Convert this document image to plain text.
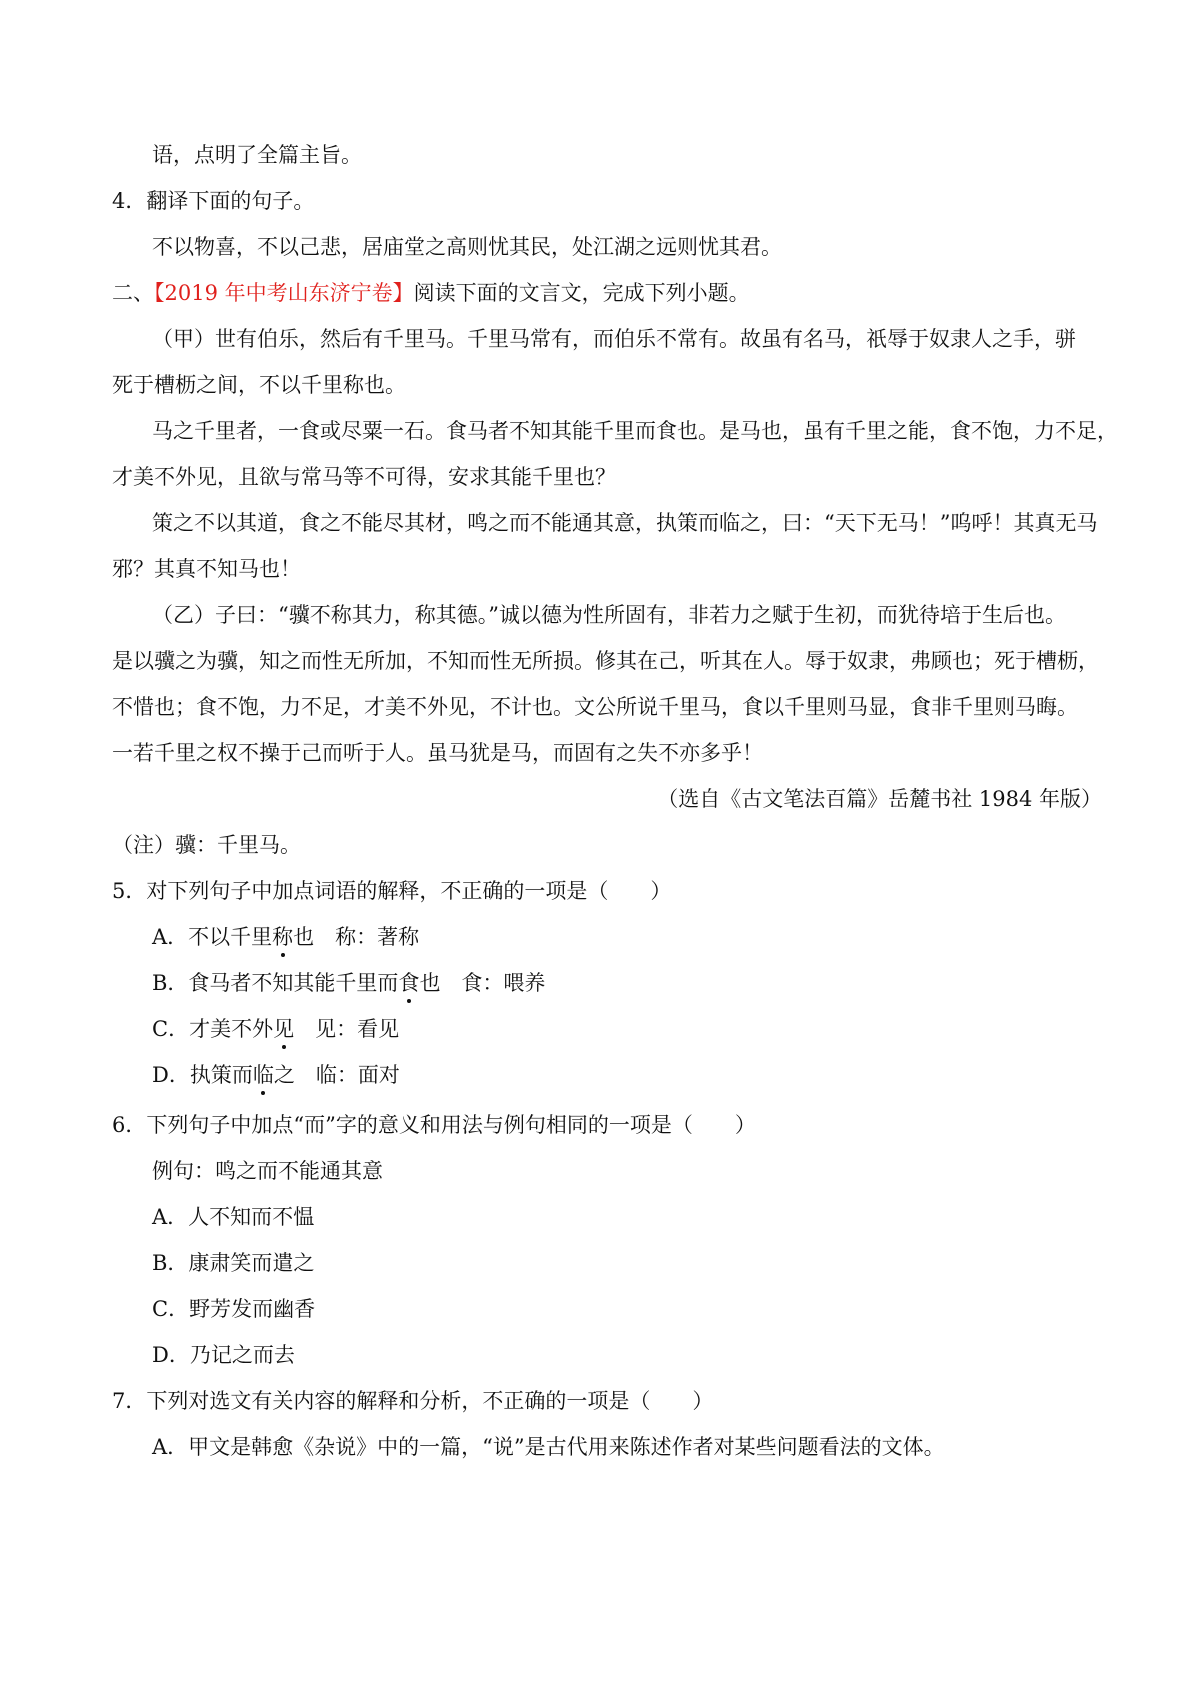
语，点明了全篇主旨。
4．翻译下面的句子。
不以物喜，不以己悲，居庙堂之高则忧其民，处江湖之远则忧其君。
二、【2019 年中考山东济宁卷】阅读下面的文言文，完成下列小题。
（甲）世有伯乐，然后有千里马。千里马常有，而伯乐不常有。故虽有名马，祇辱于奴隶人之手，骈
死于槽枥之间，不以千里称也。
马之千里者，一食或尽粟一石。食马者不知其能千里而食也。是马也，虽有千里之能，食不饱，力不足，
才美不外见，且欲与常马等不可得，安求其能千里也？
策之不以其道，食之不能尽其材，鸣之而不能通其意，执策而临之，曰：“天下无马！”呜呼！其真无马
邪？其真不知马也！
（乙）子曰：“骥不称其力，称其德。”诚以德为性所固有，非若力之赋于生初，而犹待培于生后也。
是以骥之为骥，知之而性无所加，不知而性无所损。修其在己，听其在人。辱于奴隶，弗顾也；死于槽枥，
不惜也；食不饱，力不足，才美不外见，不计也。文公所说千里马，食以千里则马显，食非千里则马晦。
一若千里之权不操于己而听于人。虽马犹是马，而固有之失不亦多乎！
（选自《古文笔法百篇》岳麓书社 1984 年版）
（注）骥：千里马。
5．对下列句子中加点词语的解释，不正确的一项是（　　）
A．不以千里称也　称：著称
B．食马者不知其能千里而食也　食：喂养
C．才美不外见　见：看见
D．执策而临之　临：面对
6．下列句子中加点“而”字的意义和用法与例句相同的一项是（　　）
例句：鸣之而不能通其意
A．人不知而不愠
B．康肃笑而遣之
C．野芳发而幽香
D．乃记之而去
7．下列对选文有关内容的解释和分析，不正确的一项是（　　）
A．甲文是韩愈《杂说》中的一篇，“说”是古代用来陈述作者对某些问题看法的文体。
